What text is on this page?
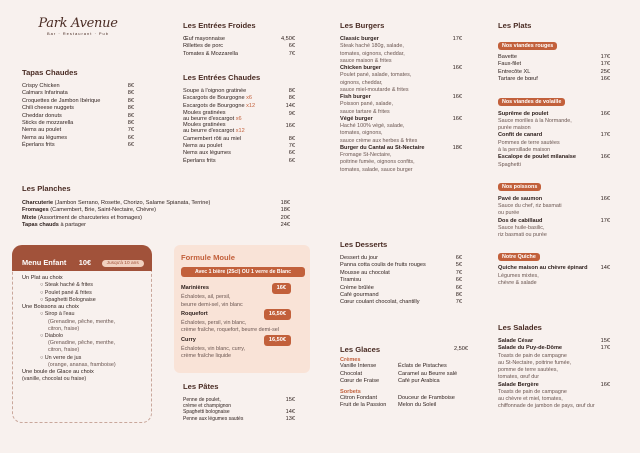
Park Avenue
Bar · Restaurant · Pub
Tapas Chaudes
Crispy Chicken	8€
Calmars Infarinata	8€
Croquettes de Jambon Ibérique	8€
Chili cheese nuggets	8€
Cheddar donuts	8€
Sticks de mozzarella	8€
Nems au poulet	7€
Nems au légumes	6€
Éperlans frits	6€
Les Planches
Charcuterie (Jambon Serrano, Rosette, Chorizo, Salame Spianata, Terrine)	18€
Fromages (Camembert, Brie, Saint-Nectaire, Chèvre)	18€
Mixte (Assortiment de charcuteries et fromages)	20€
Tapas chauds à partager	24€
Menu Enfant 10€	Jusqu'à 10 ans
Un Plat au choix
○ Steak haché & frites
○ Poulet pané & frites
○ Spaghetti Bolognaise
Une Boissons au choix
○ Sirop à l'eau
(Grenadine, pêche, menthe,
citron, fraise)
○ Diabolo
(Grenadine, pêche, menthe,
citron, fraise)
○ Un verre de jus
(orange, ananas, framboise)
Une boule de Glace au choix
(vanille, chocolat ou fraise)
Les Entrées Froides
Œuf mayonnaise	4,50€
Rillettes de porc	6€
Tomates & Mozzarella	7€
Les Entrées Chaudes
Soupe à l'oignon gratinée	8€
Escargots de Bourgogne x6	8€
Escargots de Bourgogne x12	14€
Moules gratinées
au beurre d'escargot x6
9€
Moules gratinées
au beurre d'escargot x12
16€
Camembert rôti au miel	8€
Nems au poulet	7€
Nems aux légumes	6€
Éperlans frits	6€
Formule Moule
Avec 1 bière (25cl) OU 1 verre de Blanc
Marinières	16€
Échalotes, ail, persil,
beurre demi-sel, vin blanc
Roquefort	16,50€
Échalotes, persil, vin blanc,
crème fraîche, roquefort, beurre demi-sel
Curry	16,50€
Échalotes, vin blanc, curry,
crème fraîche liquide
Les Pâtes
Penne de poulet,
crème et champignon
15€
Spaghetti bolognaise	14€
Penne aux légumes sautés	13€
Les Burgers
Classic burger	17€
Steak haché 180g, salade,
tomates, oignons, cheddar,
sauce maison & frites
Chicken burger	16€
Poulet pané, salade, tomates,
oignons, cheddar,
sauce miel-moutarde & frites
Fish burger	16€
Poisson pané, salade,
sauce tartare & frites
Végé burger	16€
Haché 100% végé, salade,
tomates, oignons,
sauce crème aux herbes & frites
Burger du Cantal au St-Nectaire	18€
Fromage St-Nectaire,
poitrine fumée, oignons confits,
tomates, salade, sauce burger
Les Desserts
Dessert du jour	6€
Panna cotta coulis de fruits rouges	5€
Mousse au chocolat	7€
Tiramisu	6€
Crème brûlée	6€
Café gourmand	8€
Cœur coulant chocolat, chantilly	7€
Les Glaces	2,50€
Crèmes
Vanille Intense	Éclats de Pistaches
Chocolat	Caramel au Beurre salé
Cœur de Fraise	Café pur Arabica
Sorbets
Citron Fondant	Douceur de Framboise
Fruit de la Passion	Melon du Soleil
Les Plats
Nos viandes rouges
Bavette	17€
Faux-filet	17€
Entrecôte XL	25€
Tartare de bœuf	16€
Nos viandes de volaille
Suprême de poulet	16€
Sauce morilles à la Normande,
purée maison
Confit de canard	17€
Pommes de terre sautées
à la persillade maison
Escalope de poulet milanaise	16€
Spaghetti
Nos poissons
Pavé de saumon	16€
Sauce du chef, riz basmati
ou purée
Dos de cabillaud	17€
Sauce huile-basilic,
riz basmati ou purée
Notre Quiche
Quiche maison au chèvre épinard 14€
Légumes mixtes,
chèvre & salade
Les Salades
Salade César	15€
Salade du Puy-de-Dôme	17€
Toasts de pain de campagne
au St-Nectaire, poitrine fumée,
pomme de terre sautées,
tomates, œuf dur
Salade Bergère	16€
Toasts de pain de campagne
au chèvre et miel, tomates,
chiffonnade de jambon de pays, œuf dur
